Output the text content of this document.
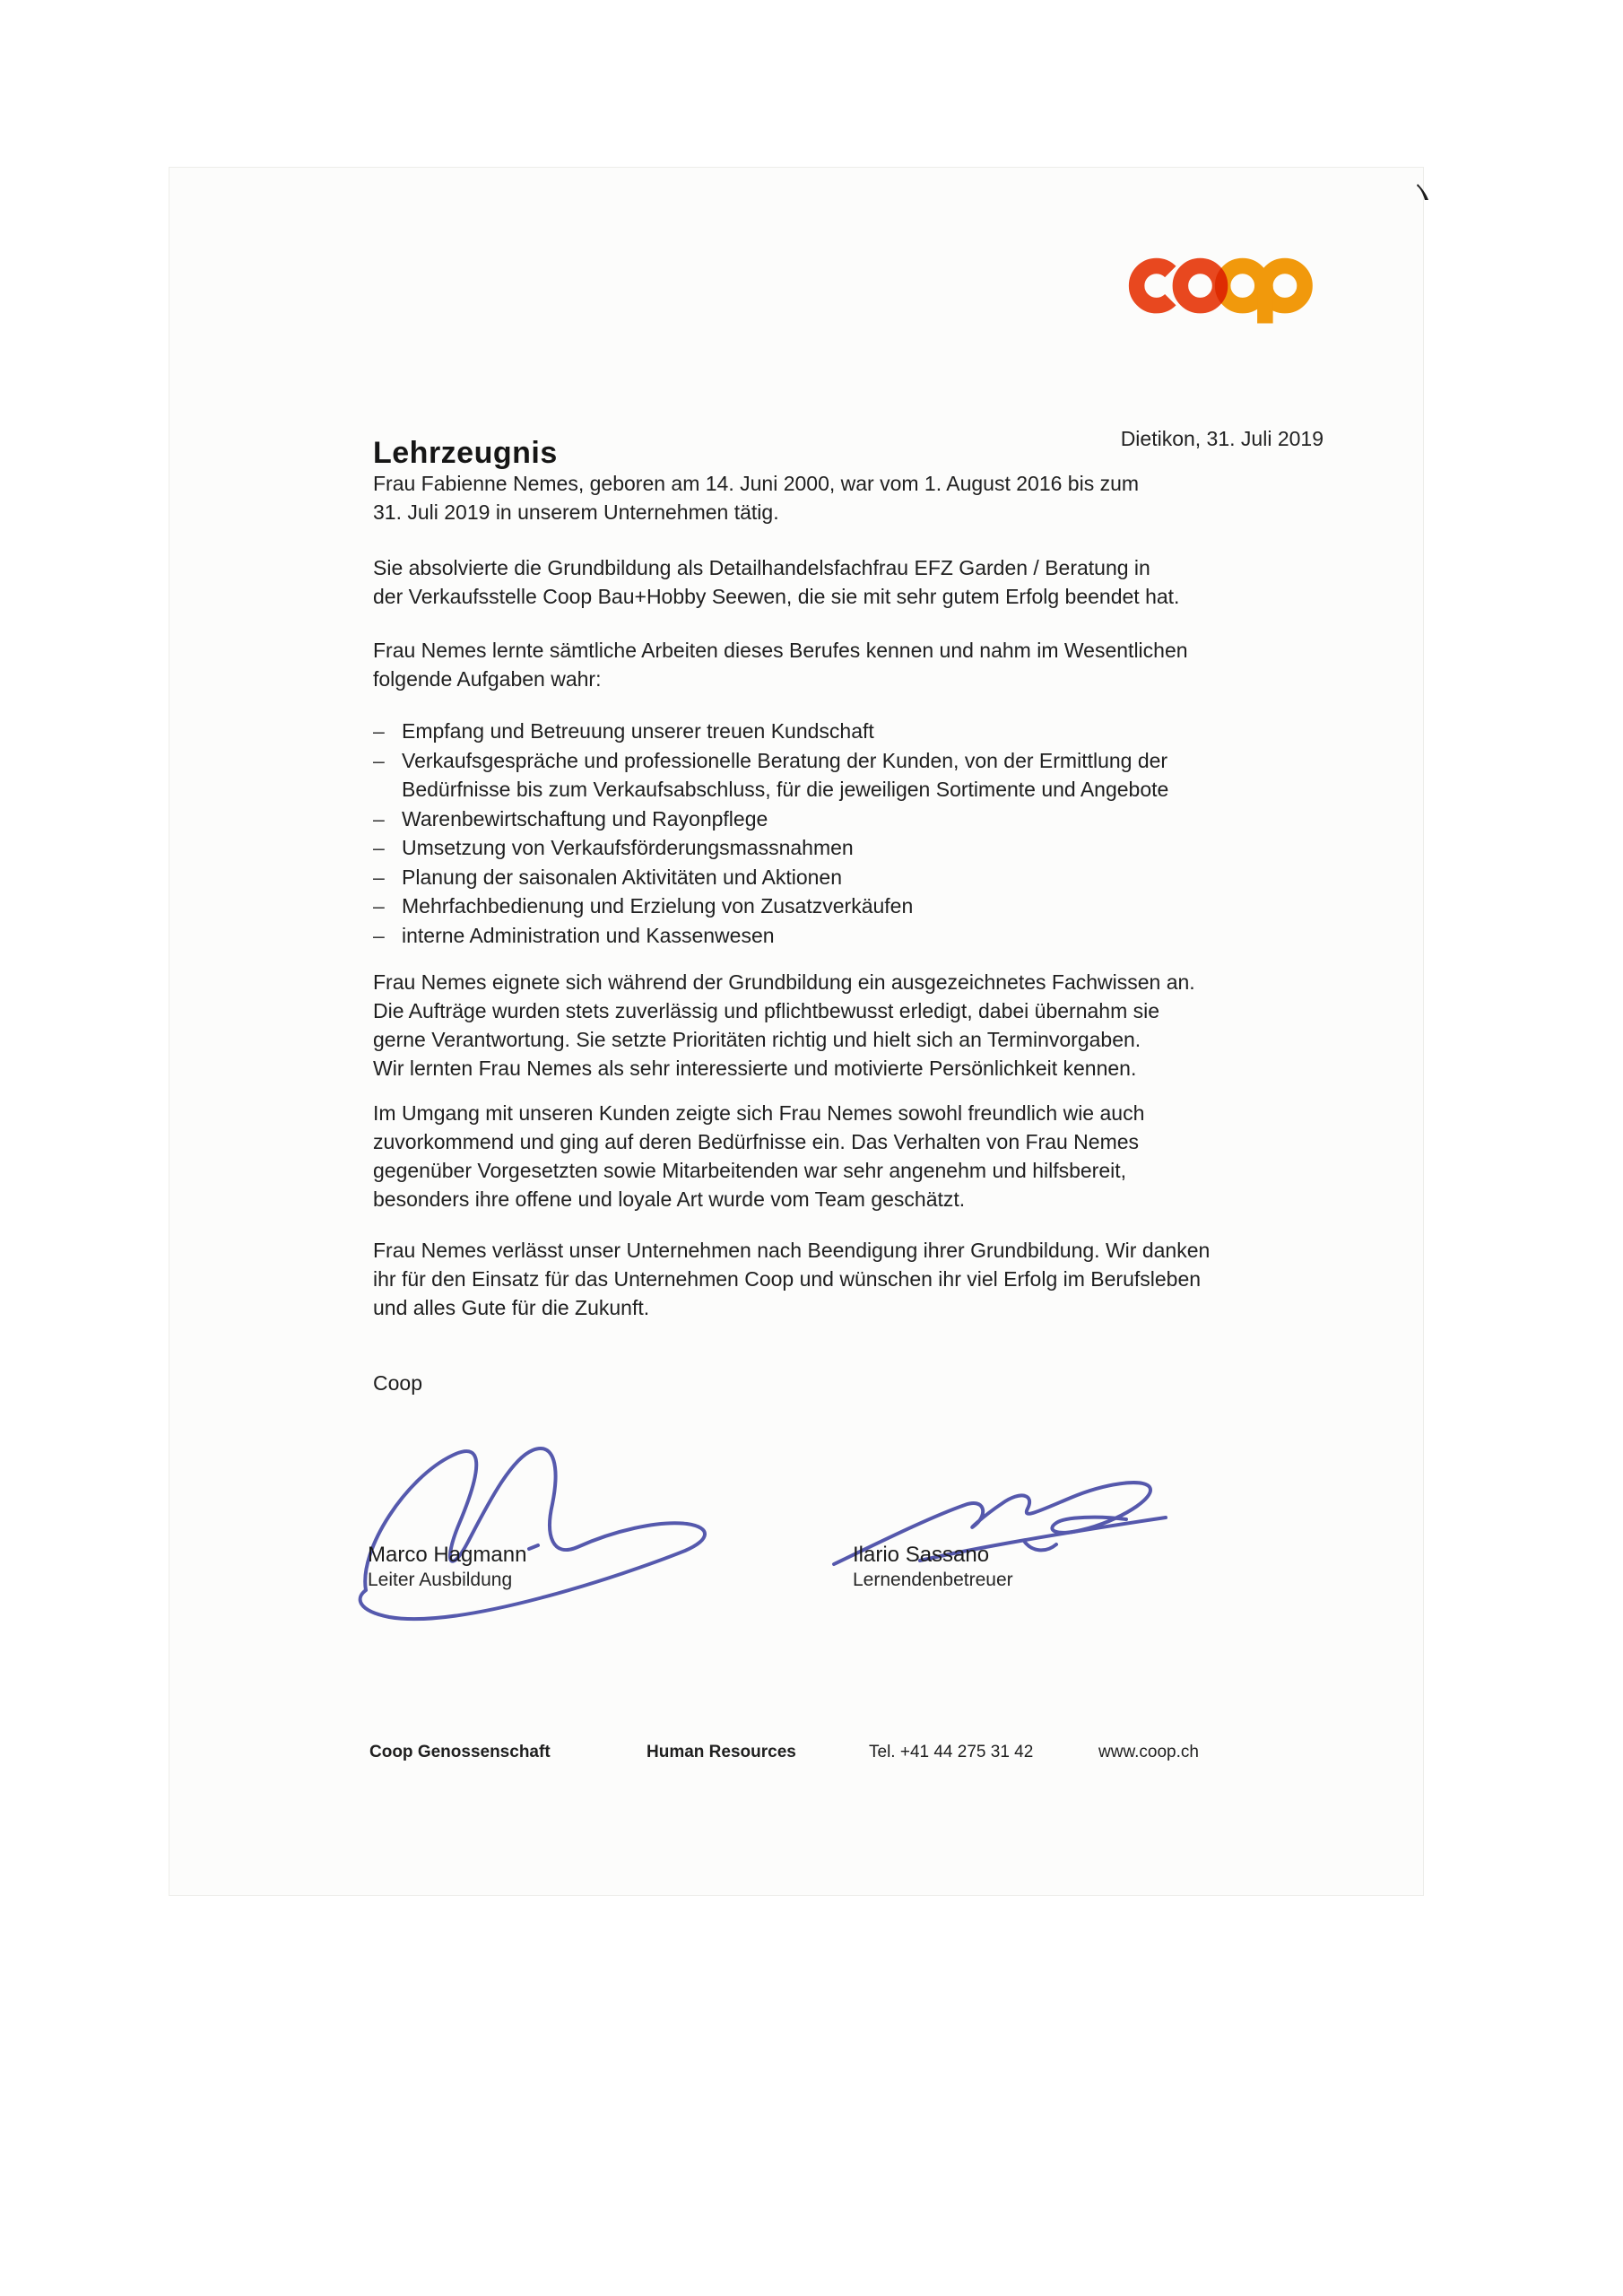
Lehrzeugnis	Dietikon, 31. Juli 2019
Frau Fabienne Nemes, geboren am 14. Juni 2000, war vom 1. August 2016 bis zum
31. Juli 2019 in unserem Unternehmen tätig.
Sie absolvierte die Grundbildung als Detailhandelsfachfrau EFZ Garden / Beratung in
der Verkaufsstelle Coop Bau+Hobby Seewen, die sie mit sehr gutem Erfolg beendet hat.
Frau Nemes lernte sämtliche Arbeiten dieses Berufes kennen und nahm im Wesentlichen
folgende Aufgaben wahr:
– Empfang und Betreuung unserer treuen Kundschaft
– Verkaufsgespräche und professionelle Beratung der Kunden, von der Ermittlung der
Bedürfnisse bis zum Verkaufsabschluss, für die jeweiligen Sortimente und Angebote
– Warenbewirtschaftung und Rayonpflege
– Umsetzung von Verkaufsförderungsmassnahmen
– Planung der saisonalen Aktivitäten und Aktionen
– Mehrfachbedienung und Erzielung von Zusatzverkäufen
– interne Administration und Kassenwesen
Frau Nemes eignete sich während der Grundbildung ein ausgezeichnetes Fachwissen an.
Die Aufträge wurden stets zuverlässig und pflichtbewusst erledigt, dabei übernahm sie
gerne Verantwortung. Sie setzte Prioritäten richtig und hielt sich an Terminvorgaben.
Wir lernten Frau Nemes als sehr interessierte und motivierte Persönlichkeit kennen.
Im Umgang mit unseren Kunden zeigte sich Frau Nemes sowohl freundlich wie auch
zuvorkommend und ging auf deren Bedürfnisse ein. Das Verhalten von Frau Nemes
gegenüber Vorgesetzten sowie Mitarbeitenden war sehr angenehm und hilfsbereit,
besonders ihre offene und loyale Art wurde vom Team geschätzt.
Frau Nemes verlässt unser Unternehmen nach Beendigung ihrer Grundbildung. Wir danken
ihr für den Einsatz für das Unternehmen Coop und wünschen ihr viel Erfolg im Berufsleben
und alles Gute für die Zukunft.
Coop
Marco Hagmann
Leiter Ausbildung
Ilario Sassano
Lernendenbetreuer
Coop Genossenschaft	Human Resources	Tel. +41 44 275 31 42	www.coop.ch
